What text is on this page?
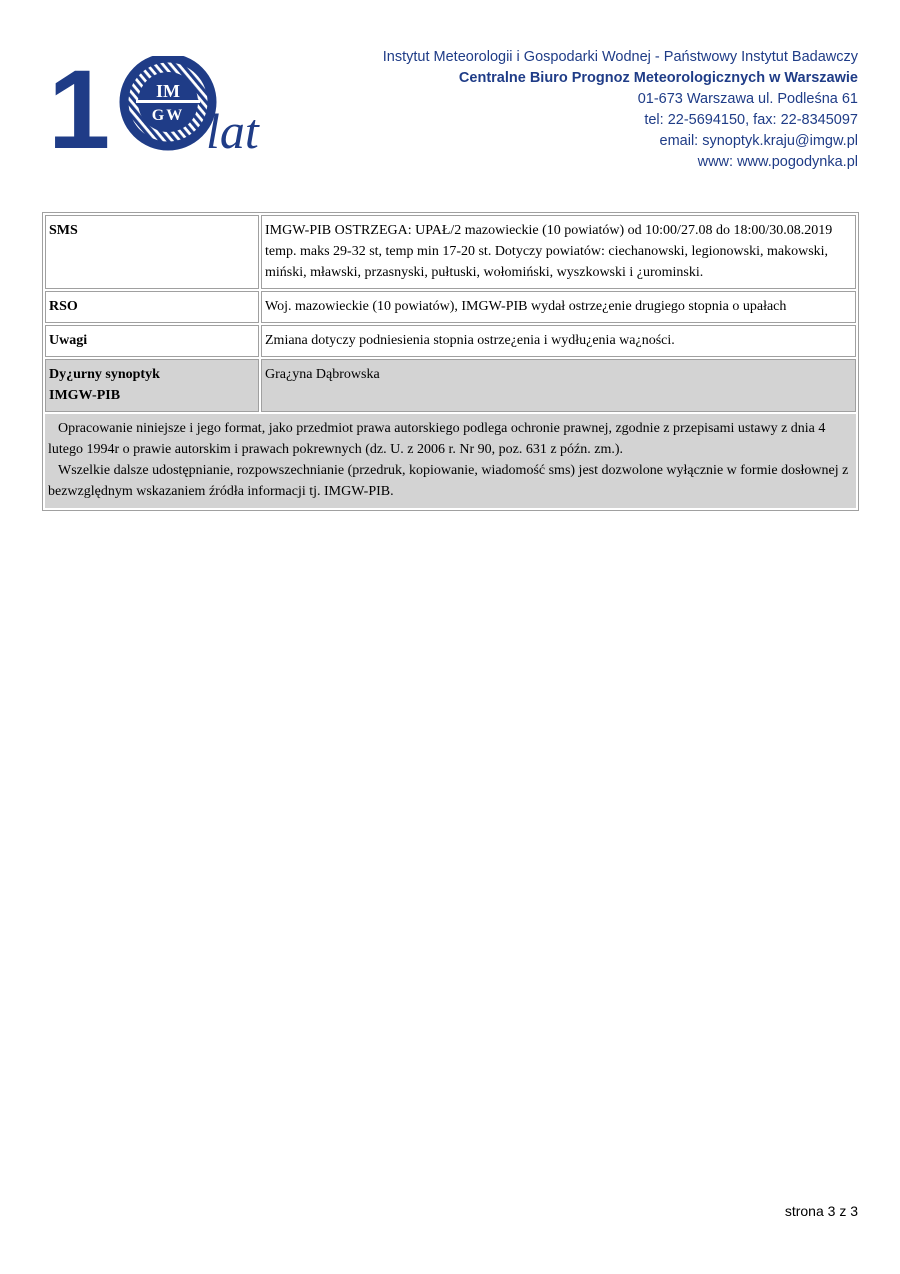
1	IM
GW lat
Instytut Meteorologii i Gospodarki Wodnej - Państwowy Instytut Badawczy
Centralne Biuro Prognoz Meteorologicznych w Warszawie
01-673 Warszawa ul. Podleśna 61
tel: 22-5694150, fax: 22-8345097
email: synoptyk.kraju@imgw.pl
www: www.pogodynka.pl
SMS	IMGW-PIB OSTRZEGA: UPAŁ/2 mazowieckie (10 powiatów) od 10:00/27.08 do 18:00/30.08.2019 temp. maks 29-32 st, temp min 17-20 st. Dotyczy powiatów: ciechanowski, legionowski, makowski, miński, mławski, przasnyski, pułtuski, wołomiński, wyszkowski i ¿urominski.
RSO	Woj. mazowieckie (10 powiatów), IMGW-PIB wydał ostrze¿enie drugiego stopnia o upałach
Uwagi	Zmiana dotyczy podniesienia stopnia ostrze¿enia i wydłu¿enia wa¿ności.

Dy¿urny synoptyk
IMGW-PIB	Gra¿yna Dąbrowska

Opracowanie niniejsze i jego format, jako przedmiot prawa autorskiego podlega ochronie prawnej, zgodnie z przepisami ustawy z dnia 4 lutego 1994r o prawie autorskim i prawach pokrewnych (dz. U. z 2006 r. Nr 90, poz. 631 z późn. zm.).
Wszelkie dalsze udostępnianie, rozpowszechnianie (przedruk, kopiowanie, wiadomość sms) jest dozwolone wyłącznie w formie dosłownej z bezwzględnym wskazaniem źródła informacji tj. IMGW-PIB.	
strona 3 z 3
